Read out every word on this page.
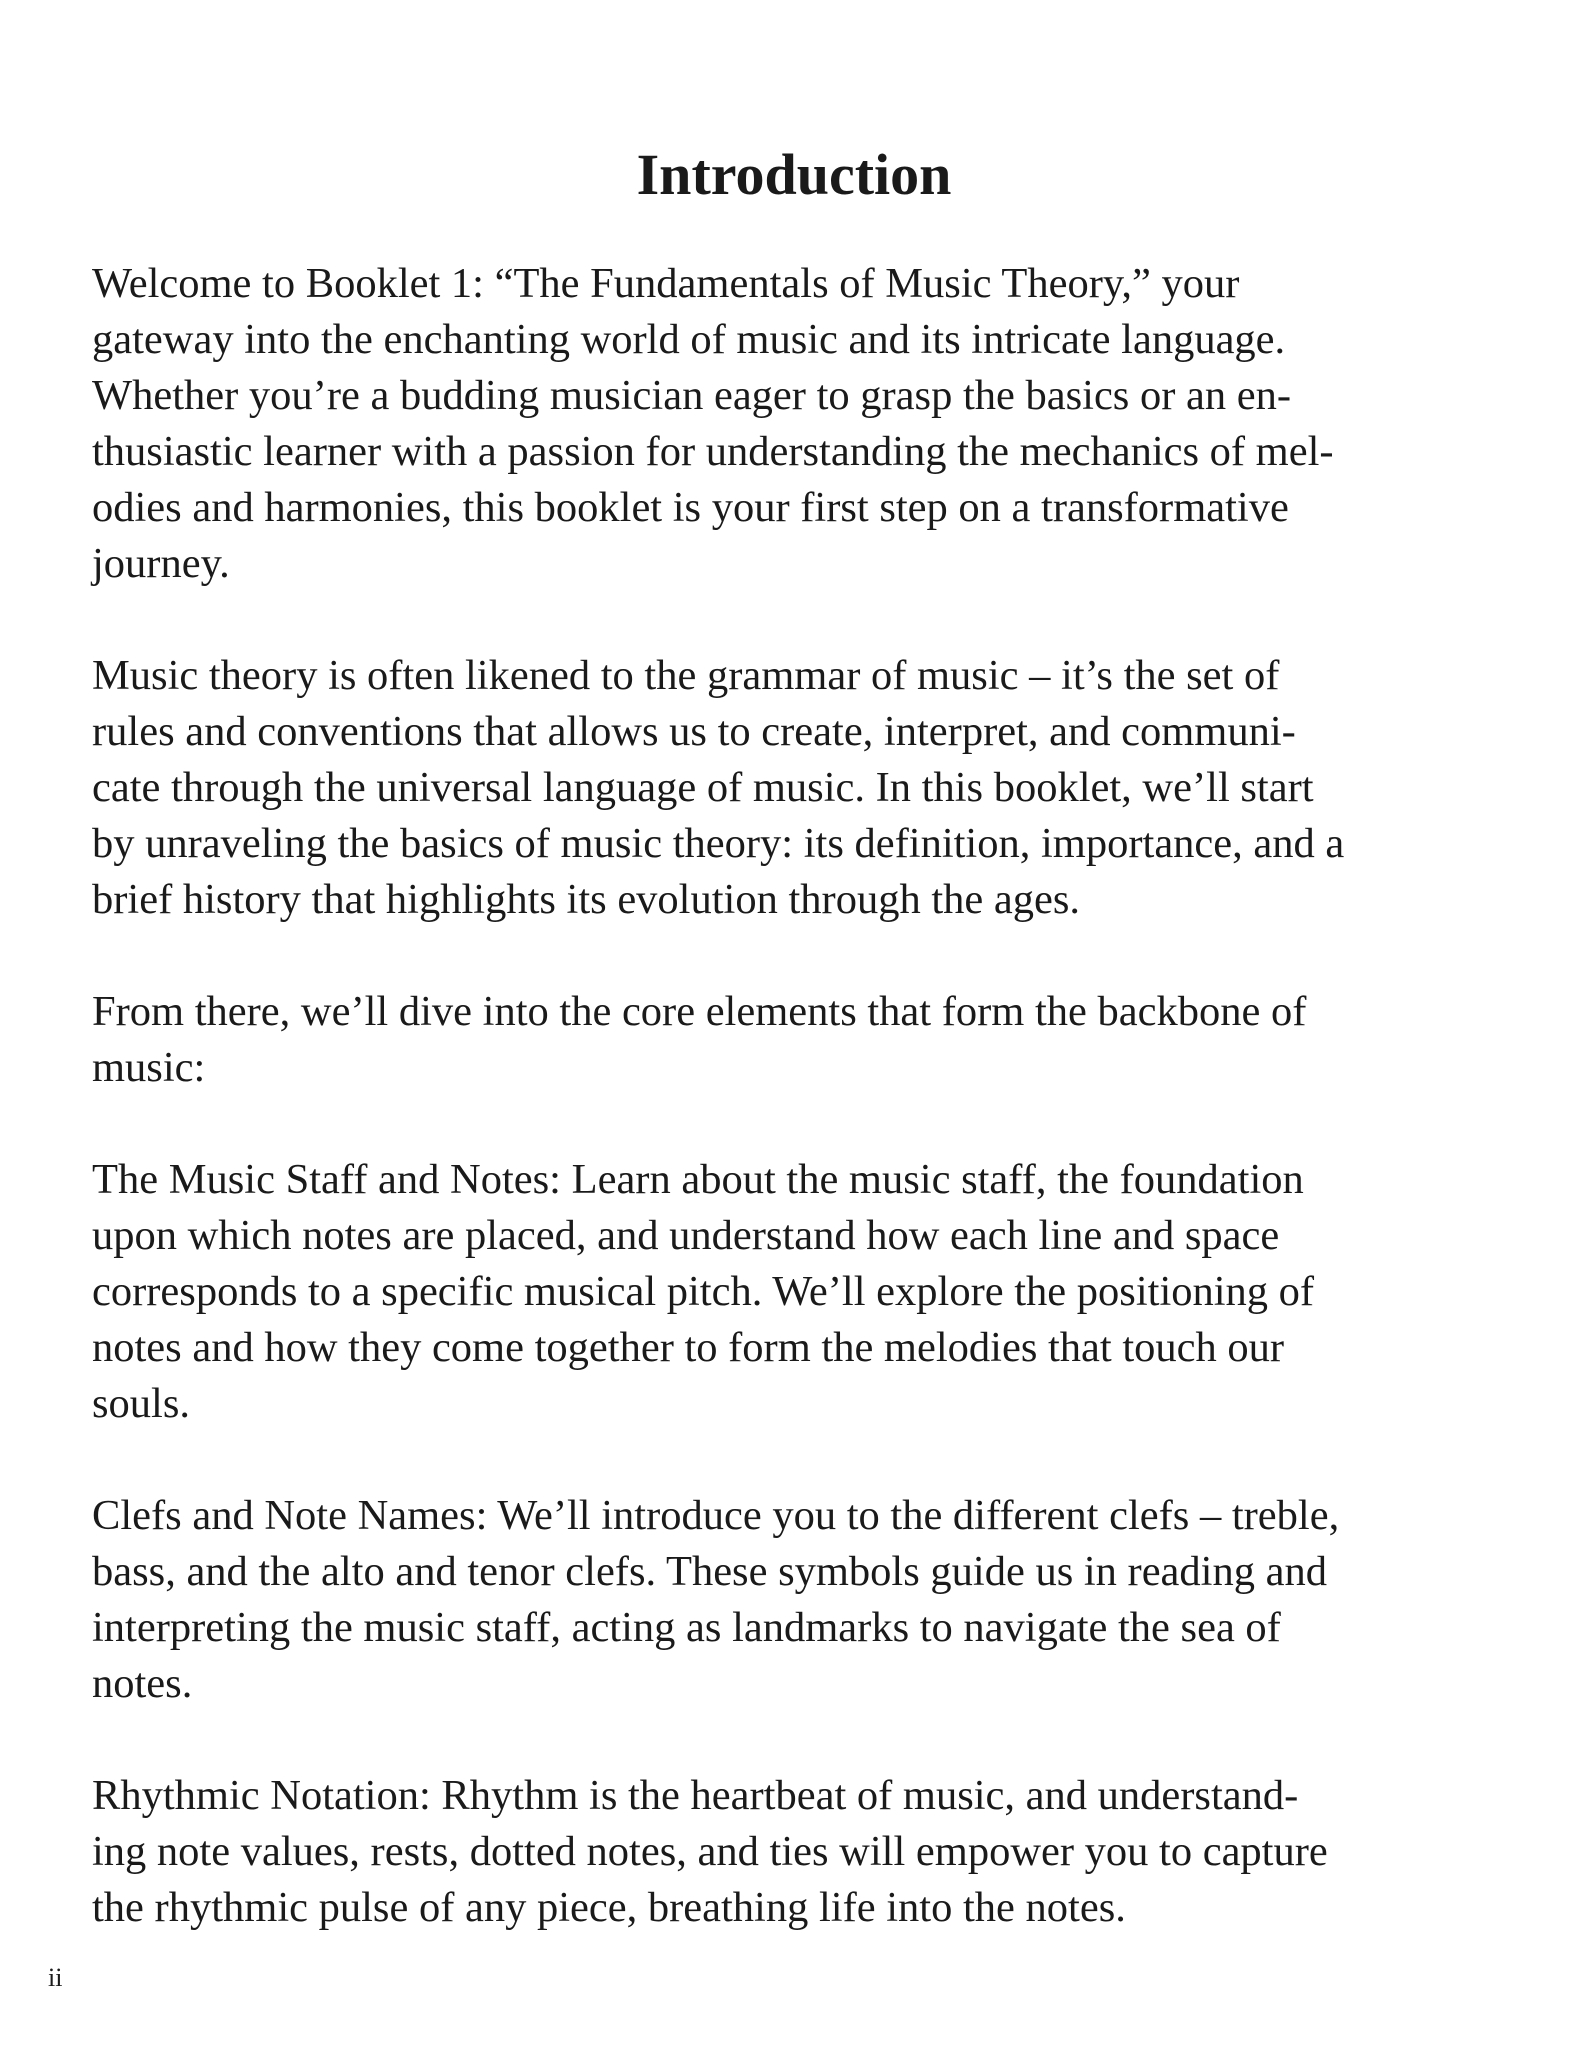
Introduction

Welcome to Booklet 1: “The Fundamentals of Music Theory,” your
gateway into the enchanting world of music and its intricate language.
Whether you’re a budding musician eager to grasp the basics or an en-
thusiastic learner with a passion for understanding the mechanics of mel-
odies and harmonies, this booklet is your first step on a transformative
journey.

Music theory is often likened to the grammar of music – it’s the set of
rules and conventions that allows us to create, interpret, and communi-
cate through the universal language of music. In this booklet, we’ll start
by unraveling the basics of music theory: its definition, importance, and a
brief history that highlights its evolution through the ages.

From there, we’ll dive into the core elements that form the backbone of
music:

The Music Staff and Notes: Learn about the music staff, the foundation
upon which notes are placed, and understand how each line and space
corresponds to a specific musical pitch. We’ll explore the positioning of
notes and how they come together to form the melodies that touch our
souls.

Clefs and Note Names: We’ll introduce you to the different clefs – treble,
bass, and the alto and tenor clefs. These symbols guide us in reading and
interpreting the music staff, acting as landmarks to navigate the sea of
notes.

Rhythmic Notation: Rhythm is the heartbeat of music, and understand-
ing note values, rests, dotted notes, and ties will empower you to capture
the rhythmic pulse of any piece, breathing life into the notes.

ii
